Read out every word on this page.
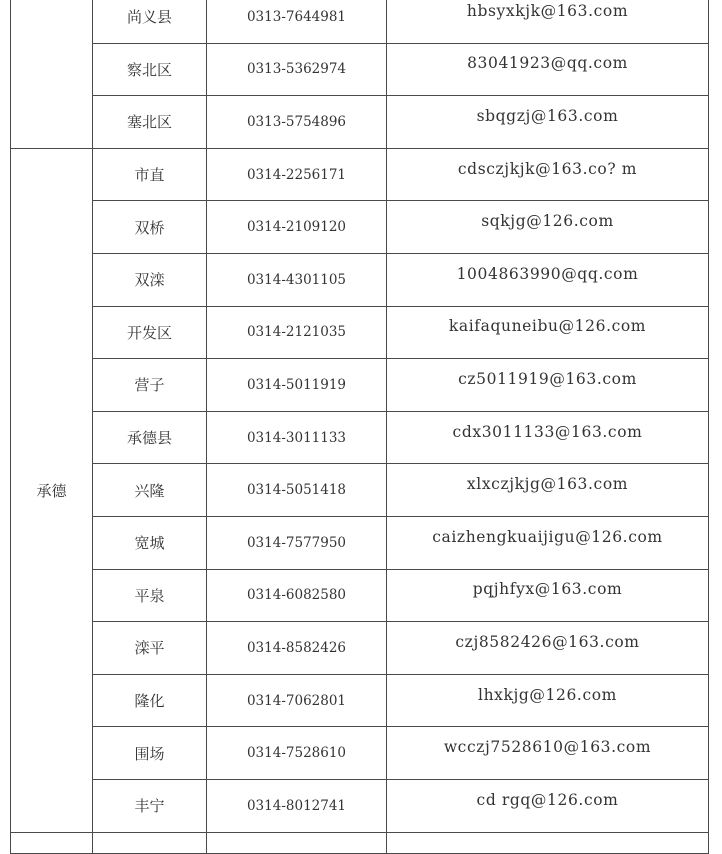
	尚义县	0313-7644981	hbsyxkjk@163.com
	察北区	0313-5362974	83041923@qq.com
	塞北区	0313-5754896	sbqgzj@163.com
承德	市直	0314-2256171	cdsczjkjk@163.co? m
	双桥	0314-2109120	sqkjg@126.com
	双滦	0314-4301105	1004863990@qq.com
	开发区	0314-2121035	kaifaquneibu@126.com
	营子	0314-5011919	cz5011919@163.com
	承德县	0314-3011133	cdx3011133@163.com
	兴隆	0314-5051418	xlxczjkjg@163.com
	宽城	0314-7577950	caizhengkuaijigu@126.com
	平泉	0314-6082580	pqjhfyx@163.com
	滦平	0314-8582426	czj8582426@163.com
	隆化	0314-7062801	lhxkjg@126.com
	围场	0314-7528610	wcczj7528610@163.com
	丰宁	0314-8012741	cd rgq@126.com
